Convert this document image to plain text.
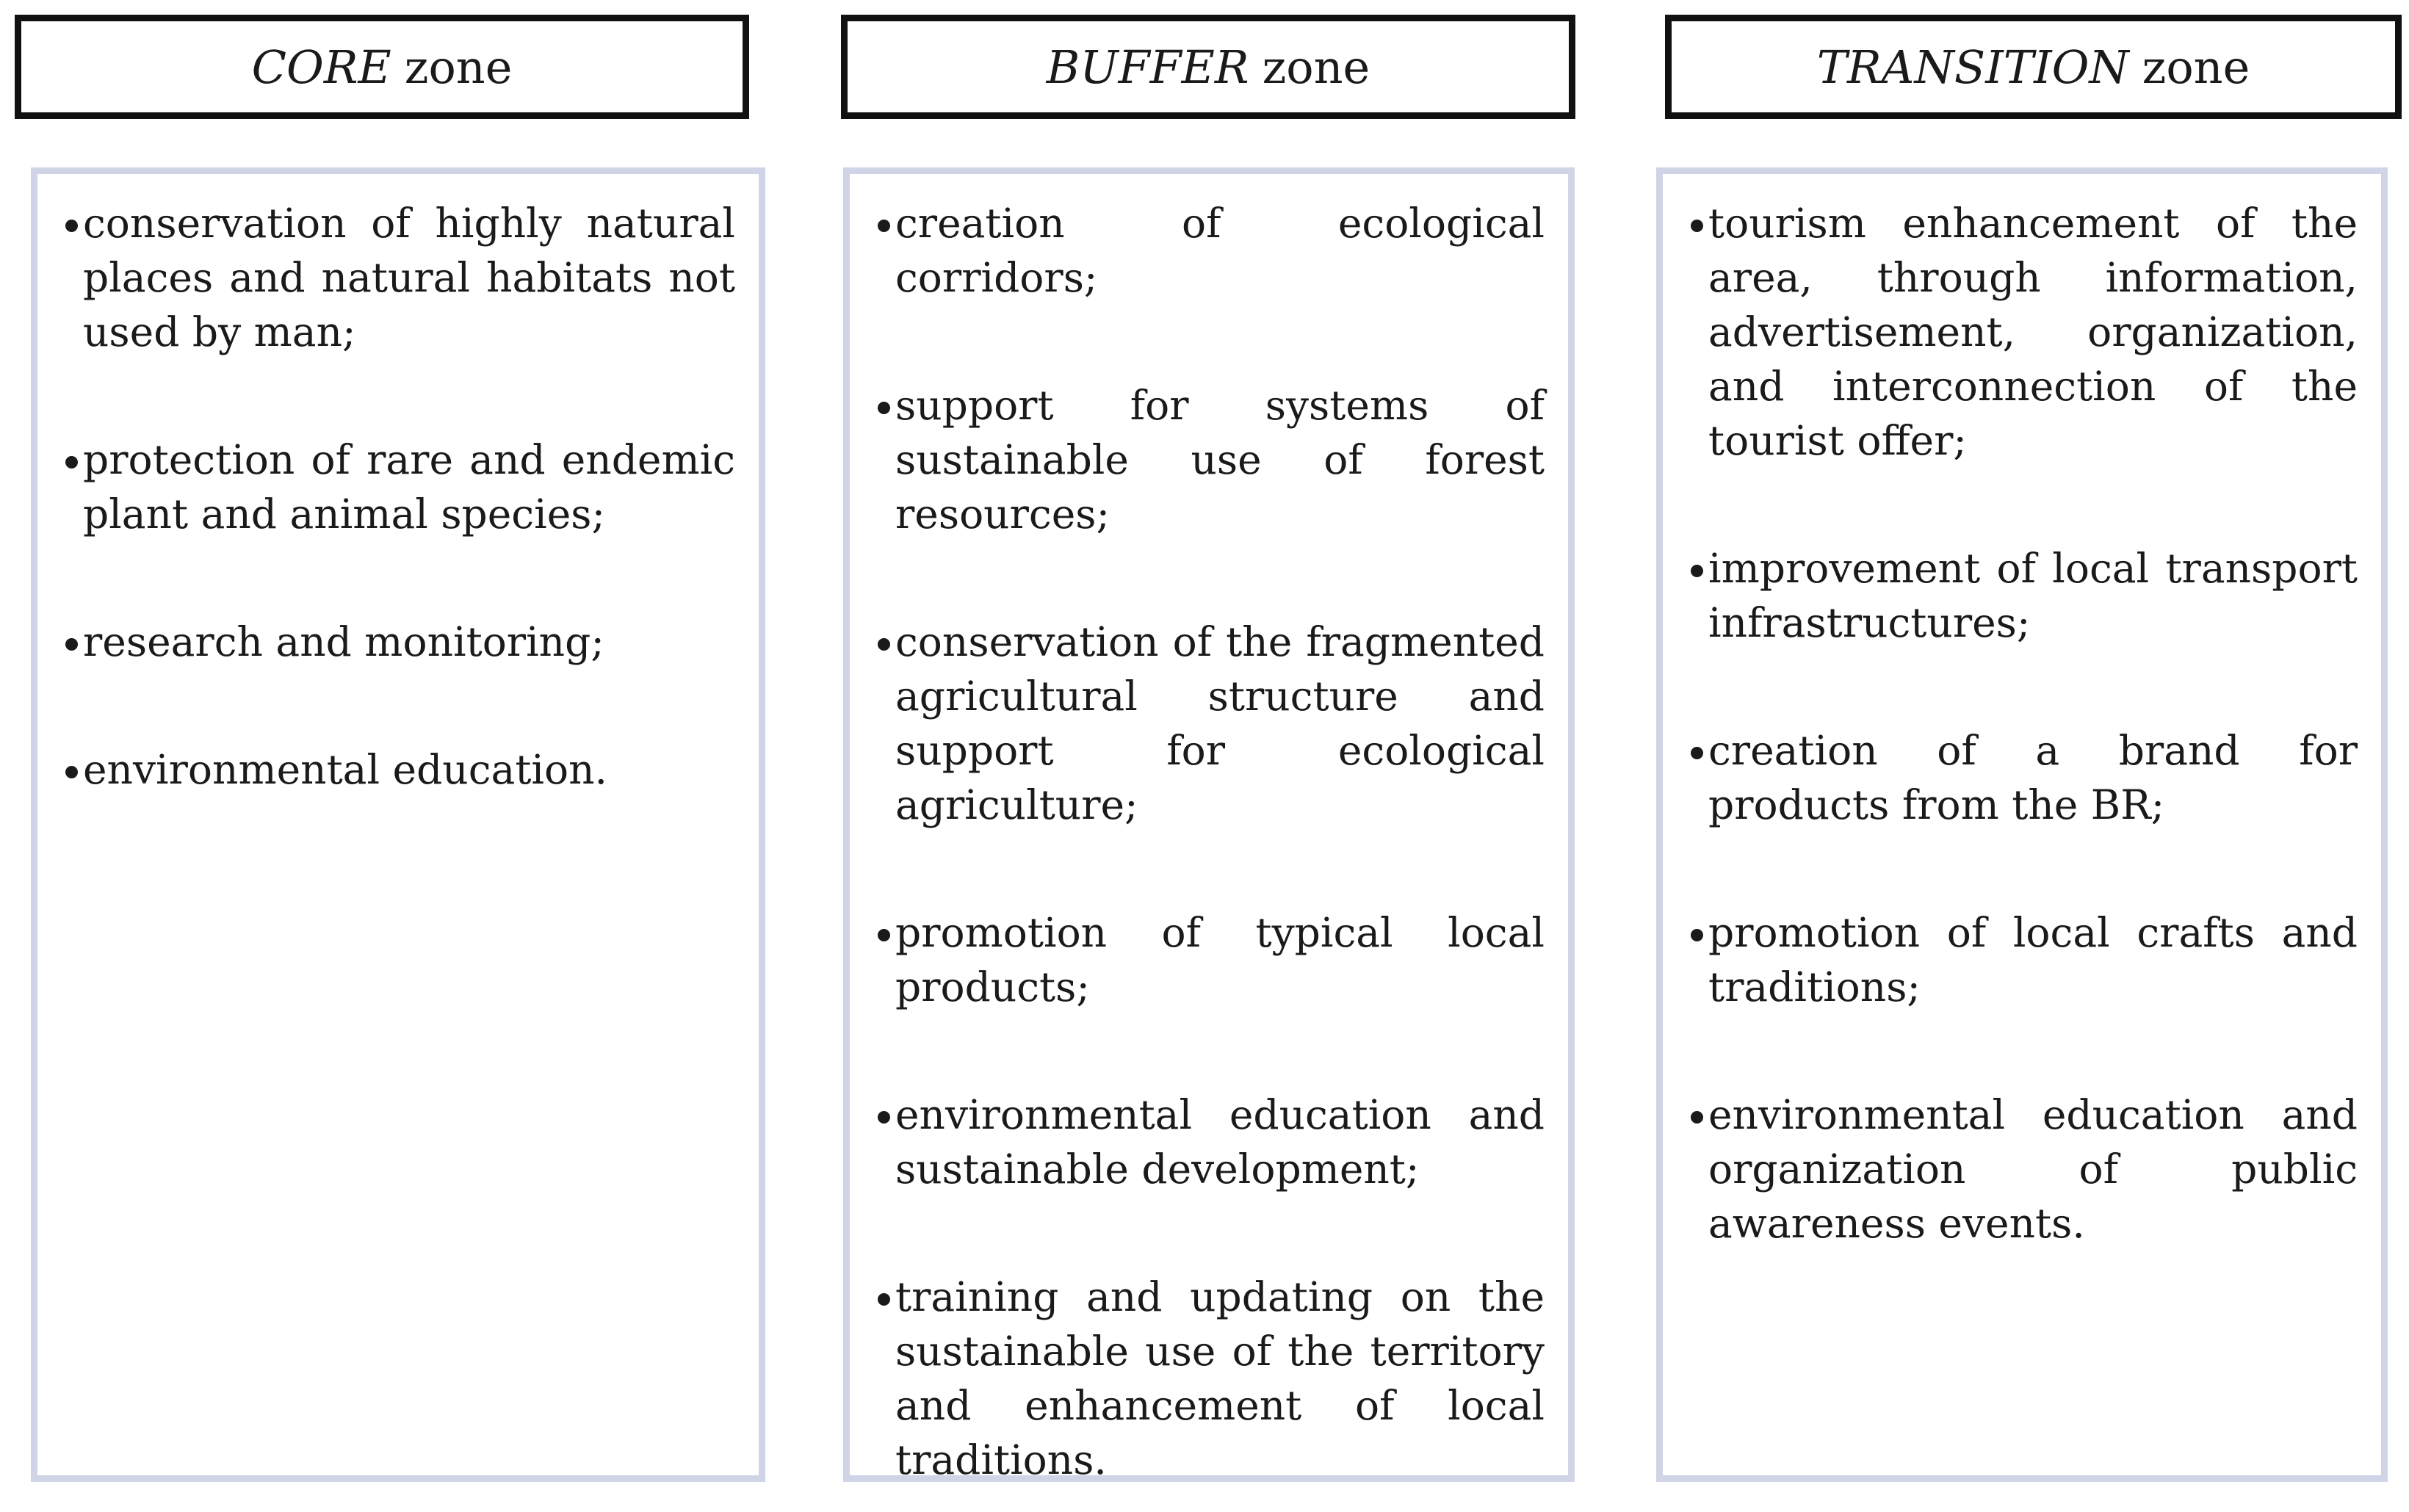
CORE zone	BUFFER zone	TRANSITION zone
conservation of highly natural places and natural habitats not used by man;
protection of rare and endemic plant and animal species;
research and monitoring;
environmental education.
creation of ecological corridors;
support for systems of sustainable use of forest resources;
conservation of the fragmented agricultural structure and support for ecological agriculture;
promotion of typical local products;
environmental education and sustainable development;
training and updating on the sustainable use of the territory and enhancement of local traditions.
tourism enhancement of the area, through information, advertisement, organization, and interconnection of the tourist offer;
improvement of local transport infrastructures;
creation of a brand for products from the BR;
promotion of local crafts and traditions;
environmental education and organization of public awareness events.
